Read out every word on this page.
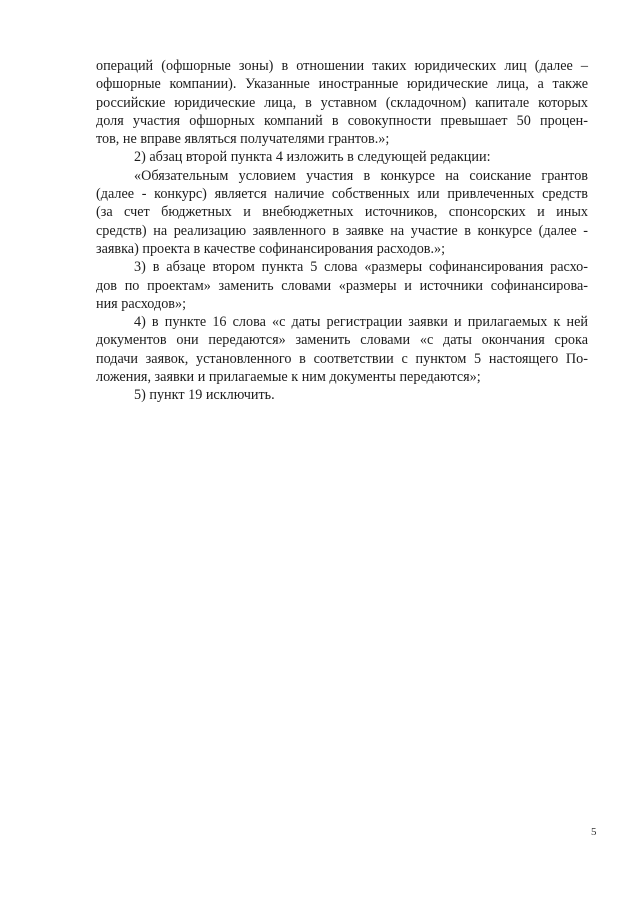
операций (офшорные зоны) в отношении таких юридических лиц (далее –
офшорные компании). Указанные иностранные юридические лица, а также
российские юридические лица, в уставном (складочном) капитале которых
доля участия офшорных компаний в совокупности превышает 50 процен-
тов, не вправе являться получателями грантов.»;
2) абзац второй пункта 4 изложить в следующей редакции:
«Обязательным условием участия в конкурсе на соискание грантов
(далее - конкурс) является наличие собственных или привлеченных средств
(за счет бюджетных и внебюджетных источников, спонсорских и иных
средств) на реализацию заявленного в заявке на участие в конкурсе (далее -
заявка) проекта в качестве софинансирования расходов.»;
3) в абзаце втором пункта 5 слова «размеры софинансирования расхо-
дов по проектам» заменить словами «размеры и источники софинансирова-
ния расходов»;
4) в пункте 16 слова «с даты регистрации заявки и прилагаемых к ней
документов они передаются» заменить словами «с даты окончания срока
подачи заявок, установленного в соответствии с пунктом 5 настоящего По-
ложения, заявки и прилагаемые к ним документы передаются»;
5) пункт 19 исключить.
5
